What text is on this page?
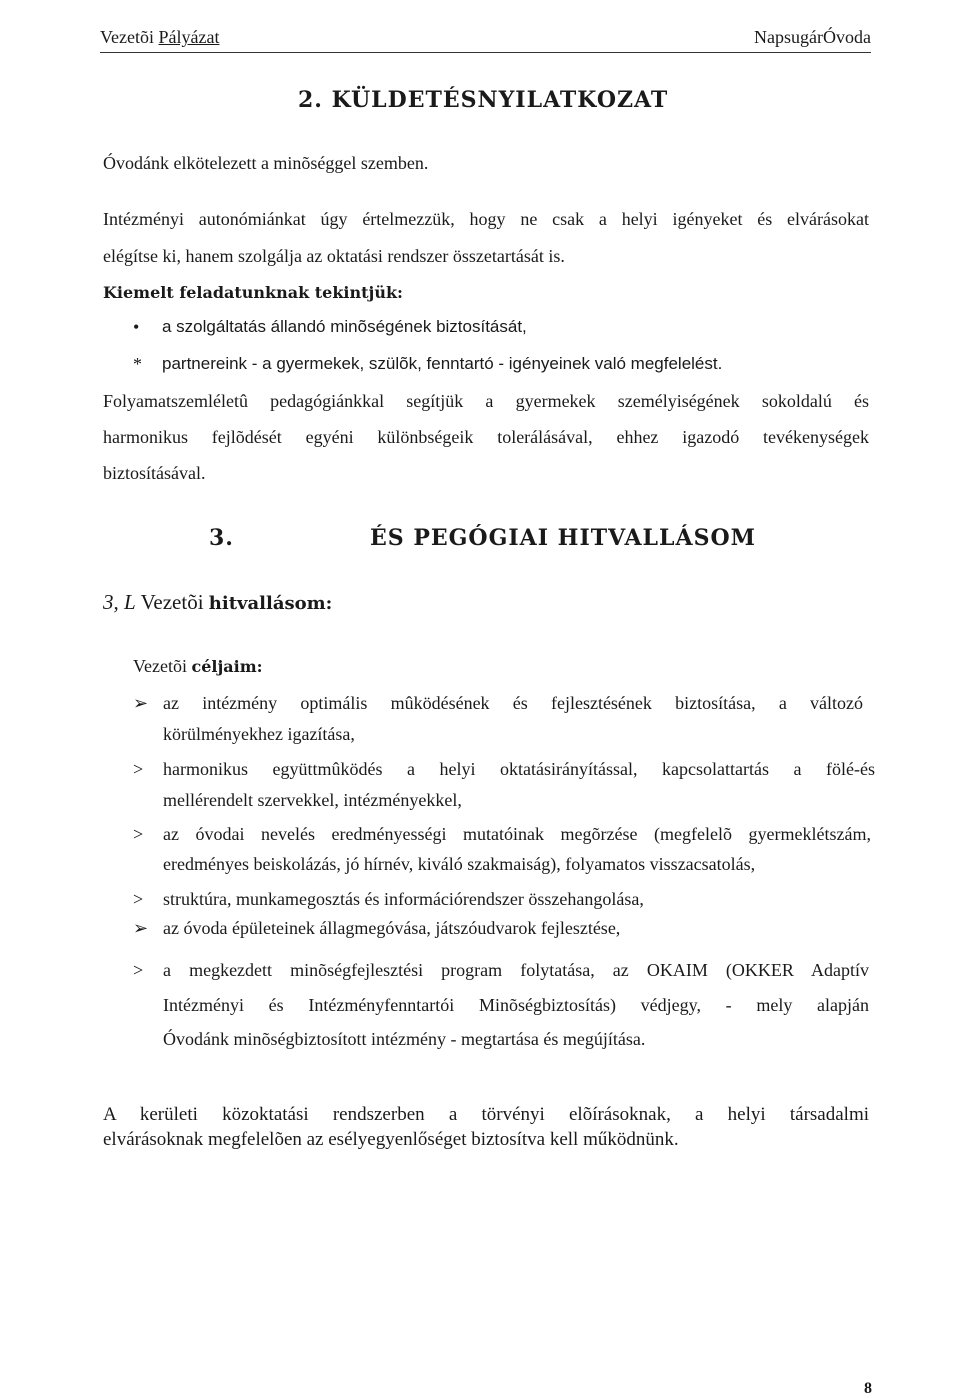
Vezetõi Pályázat	NapsugárÓvoda
2. KÜLDETÉSNYILATKOZAT
Óvodánk elkötelezett a minõséggel szemben.
Intézményi autonómiánkat úgy értelmezzük, hogy ne csak a helyi igényeket és elvárásokat
elégítse ki, hanem szolgálja az oktatási rendszer összetartását is.
Kiemelt feladatunknak tekintjük:
• a szolgáltatás állandó minõségének biztosítását,
* partnereink - a gyermekek, szülõk, fenntartó - igényeinek való megfelelést.
Folyamatszemléletû pedagógiánkkal segítjük a gyermekek személyiségének sokoldalú és
harmonikus fejlõdését egyéni különbségeik tolerálásával, ehhez igazodó tevékenységek
biztosításával.
3.	ÉS PEGÓGIAI HITVALLÁSOM
3, L Vezetõi hitvallásom:
Vezetõi céljaim:
➢ az intézmény optimális mûködésének és fejlesztésének biztosítása, a változó
körülményekhez igazítása,
> harmonikus együttmûködés a helyi oktatásirányítással, kapcsolattartás a fölé-és
mellérendelt szervekkel, intézményekkel,
> az óvodai nevelés eredményességi mutatóinak megõrzése (megfelelõ gyermeklétszám,
eredményes beiskolázás, jó hírnév, kiváló szakmaiság), folyamatos visszacsatolás,
> struktúra, munkamegosztás és információrendszer összehangolása,
➢ az óvoda épületeinek állagmegóvása, játszóudvarok fejlesztése,
> a megkezdett minõségfejlesztési program folytatása, az OKAIM (OKKER Adaptív
Intézményi és Intézményfenntartói Minõségbiztosítás) védjegy, - mely alapján
Óvodánk minõségbiztosított intézmény - megtartása és megújítása.
A kerületi közoktatási rendszerben a törvényi elõírásoknak, a helyi társadalmi
elvárásoknak megfelelõen az esélyegyenlőséget biztosítva kell működnünk.
8
